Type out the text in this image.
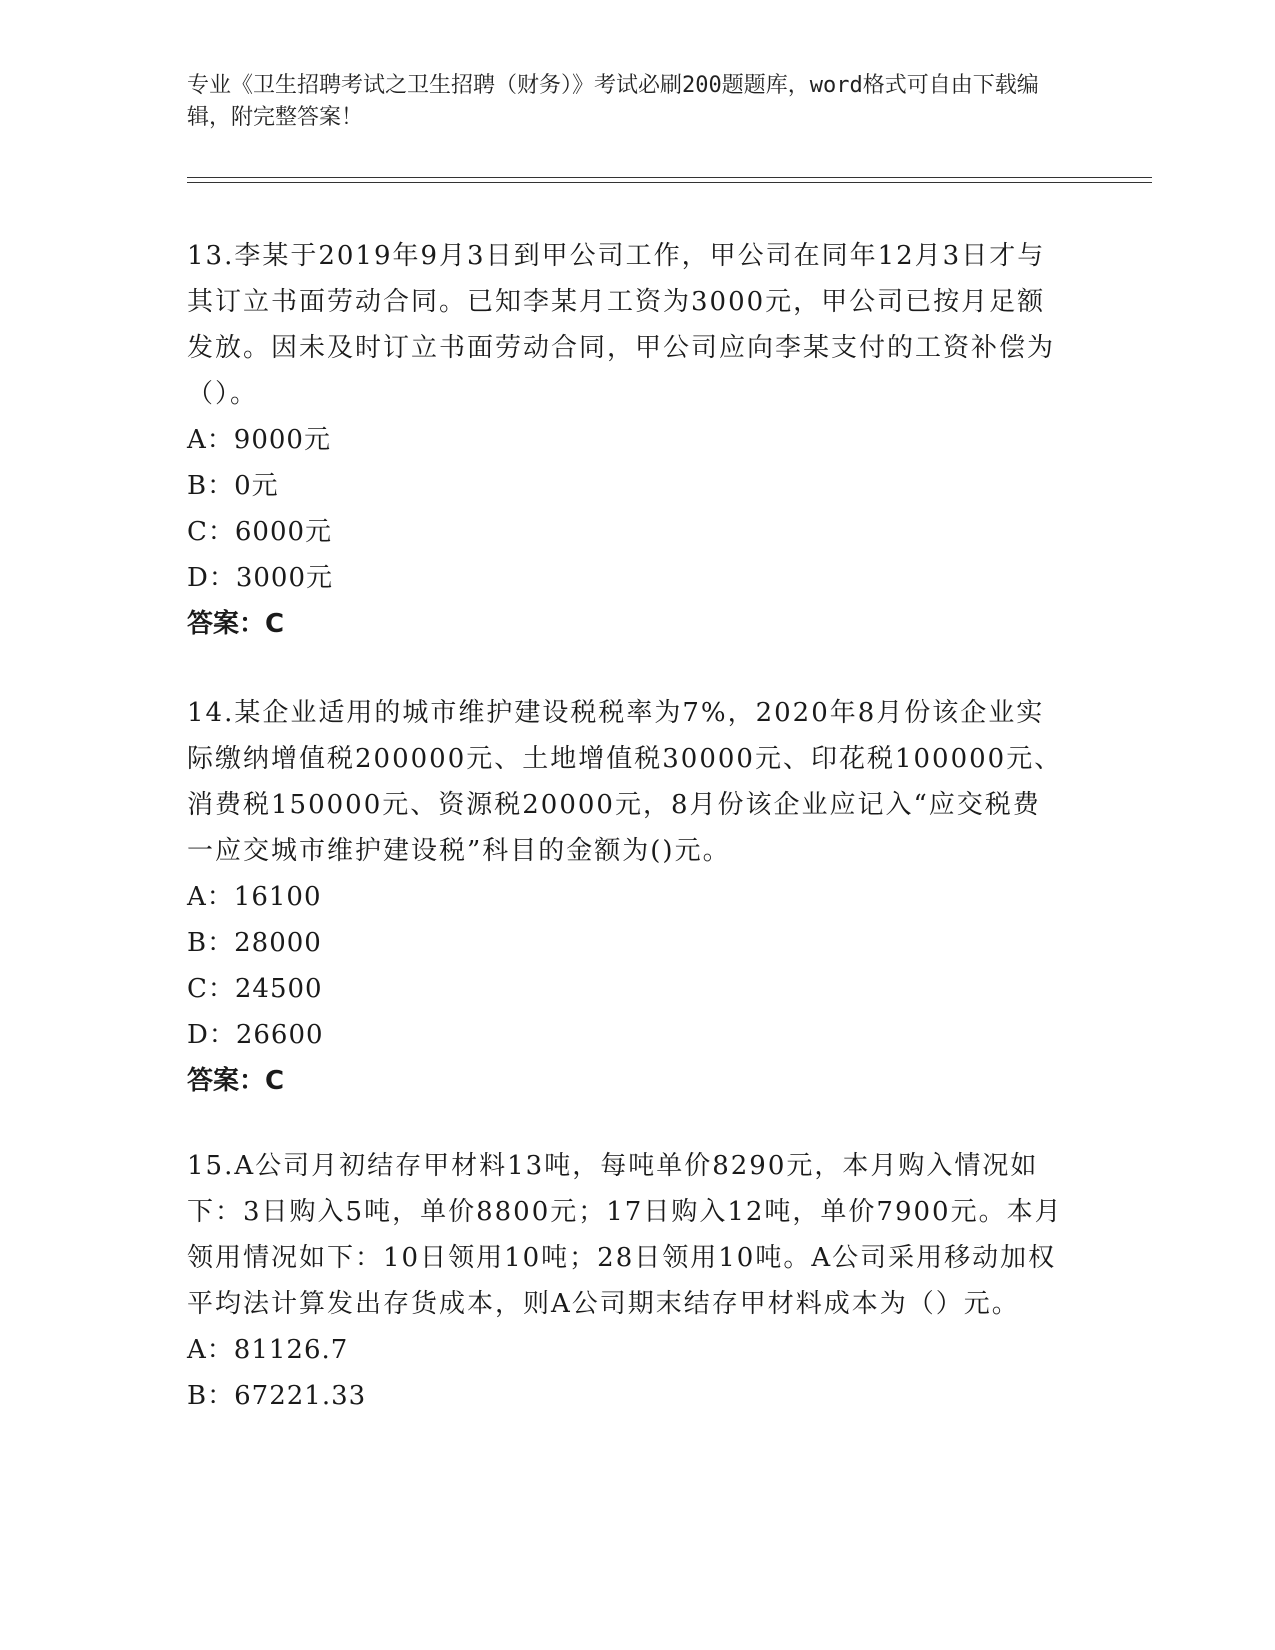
专业《卫生招聘考试之卫生招聘（财务）》考试必刷200题题库，word格式可自由下载编辑，附完整答案！

13.李某于2019年9月3日到甲公司工作，甲公司在同年12月3日才与其订立书面劳动合同。已知李某月工资为3000元，甲公司已按月足额发放。因未及时订立书面劳动合同，甲公司应向李某支付的工资补偿为（）。

A：9000元

B：0元

C：6000元

D：3000元

答案：C

14.某企业适用的城市维护建设税税率为7%，2020年8月份该企业实际缴纳增值税200000元、土地增值税30000元、印花税100000元、消费税150000元、资源税20000元，8月份该企业应记入“应交税费一应交城市维护建设税”科目的金额为()元。

A：16100

B：28000

C：24500

D：26600

答案：C

15.A公司月初结存甲材料13吨，每吨单价8290元，本月购入情况如下：3日购入5吨，单价8800元；17日购入12吨，单价7900元。本月领用情况如下：10日领用10吨；28日领用10吨。A公司采用移动加权平均法计算发出存货成本，则A公司期末结存甲材料成本为（）元。

A：81126.7

B：67221.33
